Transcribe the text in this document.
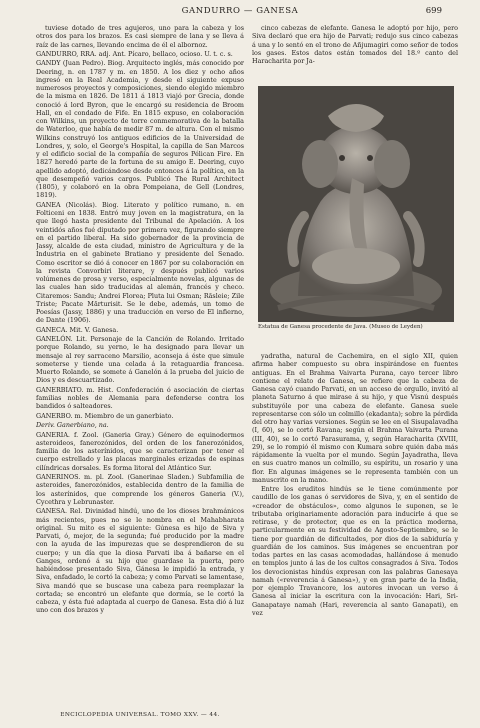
GANDURRO — GANESA	699

tuviese dotado de tres agujeros, uno para la cabeza y los otros dos para los brazos. Es casi siempre de lana y se lleva á raíz de las carnes, llevando encima de él el albornoz.

GANDURRO, RRA. adj. Ant. Pícaro, bellaco, ocioso. U. t. c. s.

GANDY (Juan Pedro). Biog. Arquitecto inglés, más conocido por Deering, n. en 1787 y m. en 1850. A los diez y ocho años ingresó en la Real Academia, y desde el siguiente expuso numerosos proyectos y composiciones, siendo elegido miembro de la misma en 1826. De 1811 á 1813 viajó por Grecia, donde conoció á lord Byron, que le encargó su residencia de Broom Hall, en el condado de Fife. En 1815 expuso, en colaboración con Wilkins, un proyecto de torre conmemorativa de la batalla de Waterloo, que había de medir 87 m. de altura. Con el mismo Wilkins construyó los antiguos edificios de la Universidad de Londres, y, solo, el George's Hospital, la capilla de San Marcos y el edificio social de la compañía de seguros Pélican Fire. En 1827 heredó parte de la fortuna de su amigo E. Deering, cuyo apellido adoptó, dedicándose desde entonces á la política, en la que desempeñó varios cargos. Publicó The Rural Architect (1805), y colaboró en la obra Pompeiana, de Gell (Londres, 1819).

GANEA (Nicolás). Biog. Literato y político rumano, n. en Folticeni en 1838. Entró muy joven en la magistratura, en la que llegó hasta presidente del Tribunal de Apelación. A los veintidós años fué diputado por primera vez, figurando siempre en el partido liberal. Ha sido gobernador de la provincia de Jassy, alcalde de esta ciudad, ministro de Agricultura y de la Industria en el gabinete Bratiano y presidente del Senado. Como escritor se dió á conocer en 1867 por su colaboración en la revista Convorbiri literare, y después publicó varios volúmenes de prosa y verso, especialmente novelas, algunas de las cuales han sido traducidas al alemán, francés y checo. Citaremos: Sandu; Andrei Florea; Pluta lui Osman; Răsleie; Zile Triste; Pacate Mărturisit. Se le debe, además, un tomo de Poesías (Jassy, 1886) y una traducción en verso de El infierno, de Dante (1906).

GANECA. Mit. V. Ganesa.

GANELÓN. Lit. Personaje de la Canción de Rolando. Irritado porque Rolando, su yerno, le ha designado para llevar un mensaje al rey sarraceno Marsilio, aconseja á éste que simule someterse y tiende una celada á la retaguardia francesa. Muerto Rolando, se somete á Ganelón á la prueba del juicio de Dios y es descuartizado.

GANERBIATO. m. Hist. Confederación ó asociación de ciertas familias nobles de Alemania para defenderse contra los bandidos ó salteadores.

GANERBO. m. Miembro de un ganerbiato.

Deriv. Ganerbiano, na.

GANERIA. f. Zool. (Ganeria Gray.) Género de equinodermos asteroideos, fanerozónidos, del orden de los fanerozónidos, familia de los asterínidos, que se caracterizan por tener el cuerpo estrellado y las placas marginales erizadas de espinas cilíndricas dorsales. Es forma litoral del Atlántico Sur.

GANERINOS. m. pl. Zool. (Ganerinae Sladen.) Subfamilia de asteroides, fanerozónidos, establecida dentro de la familia de los asterínidos, que comprende los géneros Ganeria (V.), Cycethra y Lebrunaster.

GANESA. Rel. Divinidad hindú, uno de los dioses brahmánicos más recientes, pues no se le nombra en el Mahabharata original. Su mito es el siguiente: Gúnesa es hijo de Siva y Parvati, ó, mejor, de la segunda; fué producido por la madre con la ayuda de las impurezas que se desprendieron de su cuerpo; y un día que la diosa Parvati iba á bañarse en el Ganges, ordenó á su hijo que guardase la puerta, pero habiéndose presentado Siva, Gánesa le impidió la entrada, y Siva, enfadado, le cortó la cabeza; y como Parvati se lamentase, Siva mandó que se buscase una cabeza para reemplazar la cortada; se encontró un elefante que dormía, se le cortó la cabeza, y ésta fué adaptada al cuerpo de Ganesa. Esta dió á luz uno con dos brazos y

cinco cabezas de elefante. Ganesa le adoptó por hijo, pero Siva declaró que era hijo de Parvati; redujo sus cinco cabezas á una y lo sentó en el trono de Añjumagiri como señor de todos los gases. Estos datos están tomados del 18.º canto del Haracharita por Ja-

Estatua de Ganesa procedente de Java. (Museo de Leyden)

yadratha, natural de Cachemira, en el siglo XII, quien afirma haber compuesto su obra inspirándose en fuentes antiguas. En el Brahma Vaivarta Purana, cayo tercer libro contiene el relato de Ganesa, se refiere que la cabeza de Ganesa cayó cuando Parvati, en un acceso de orgullo, invitó al planeta Saturno á que mirase á su hijo, y que Visnú después substituyóle por una cabeza de elefante. Ganesa suele representarse con sólo un colmillo (ekadanta); sobre la pérdida del otro hay varias versiones. Según se lee en el Sisupalavadha (I, 60), se lo cortó Ravana; según el Brahma Vaivarta Purana (III, 40), se lo cortó Parasurama, y, según Haracharita (XVIII, 29), se lo rompió él mismo con Kumara sobre quién daba más rápidamente la vuelta por el mundo. Según Jayadratha, lleva en sus cuatro manos un colmillo, su espíritu, un rosario y una flor. En algunas imágenes se le representa también con un manuscrito en la mano.

Entre los eruditos hindús se le tiene comúnmente por caudillo de los ganas ó servidores de Siva, y, en el sentido de «creador de obstáculos», como algunos le suponen, se le tributaba originariamente adoración para inducirle á que se retirase, y de protector, que es en la práctica moderna, particularmente en su festividad de Agosto-Septiembre, se le tiene por guardián de dificultades, por dios de la sabiduría y guardián de los caminos. Sus imágenes se encuentran por todas partes en las casas acomodadas, hallándose á menudo en templos junto á las de los cultos consagrados á Siva. Todos los devocionistas hindús expresan con las palabras Ganesaya namah («reverencia á Ganesa»), y en gran parte de la India, por ejemplo Travancore, los autores invocan un verso á Ganesa al iniciar la escritura con la invocación: Hari, Sri-Ganapataye namah (Hari, reverencia al santo Ganapati), en vez

ENCICLOPEDIA UNIVERSAL. TOMO XXV. — 44.
